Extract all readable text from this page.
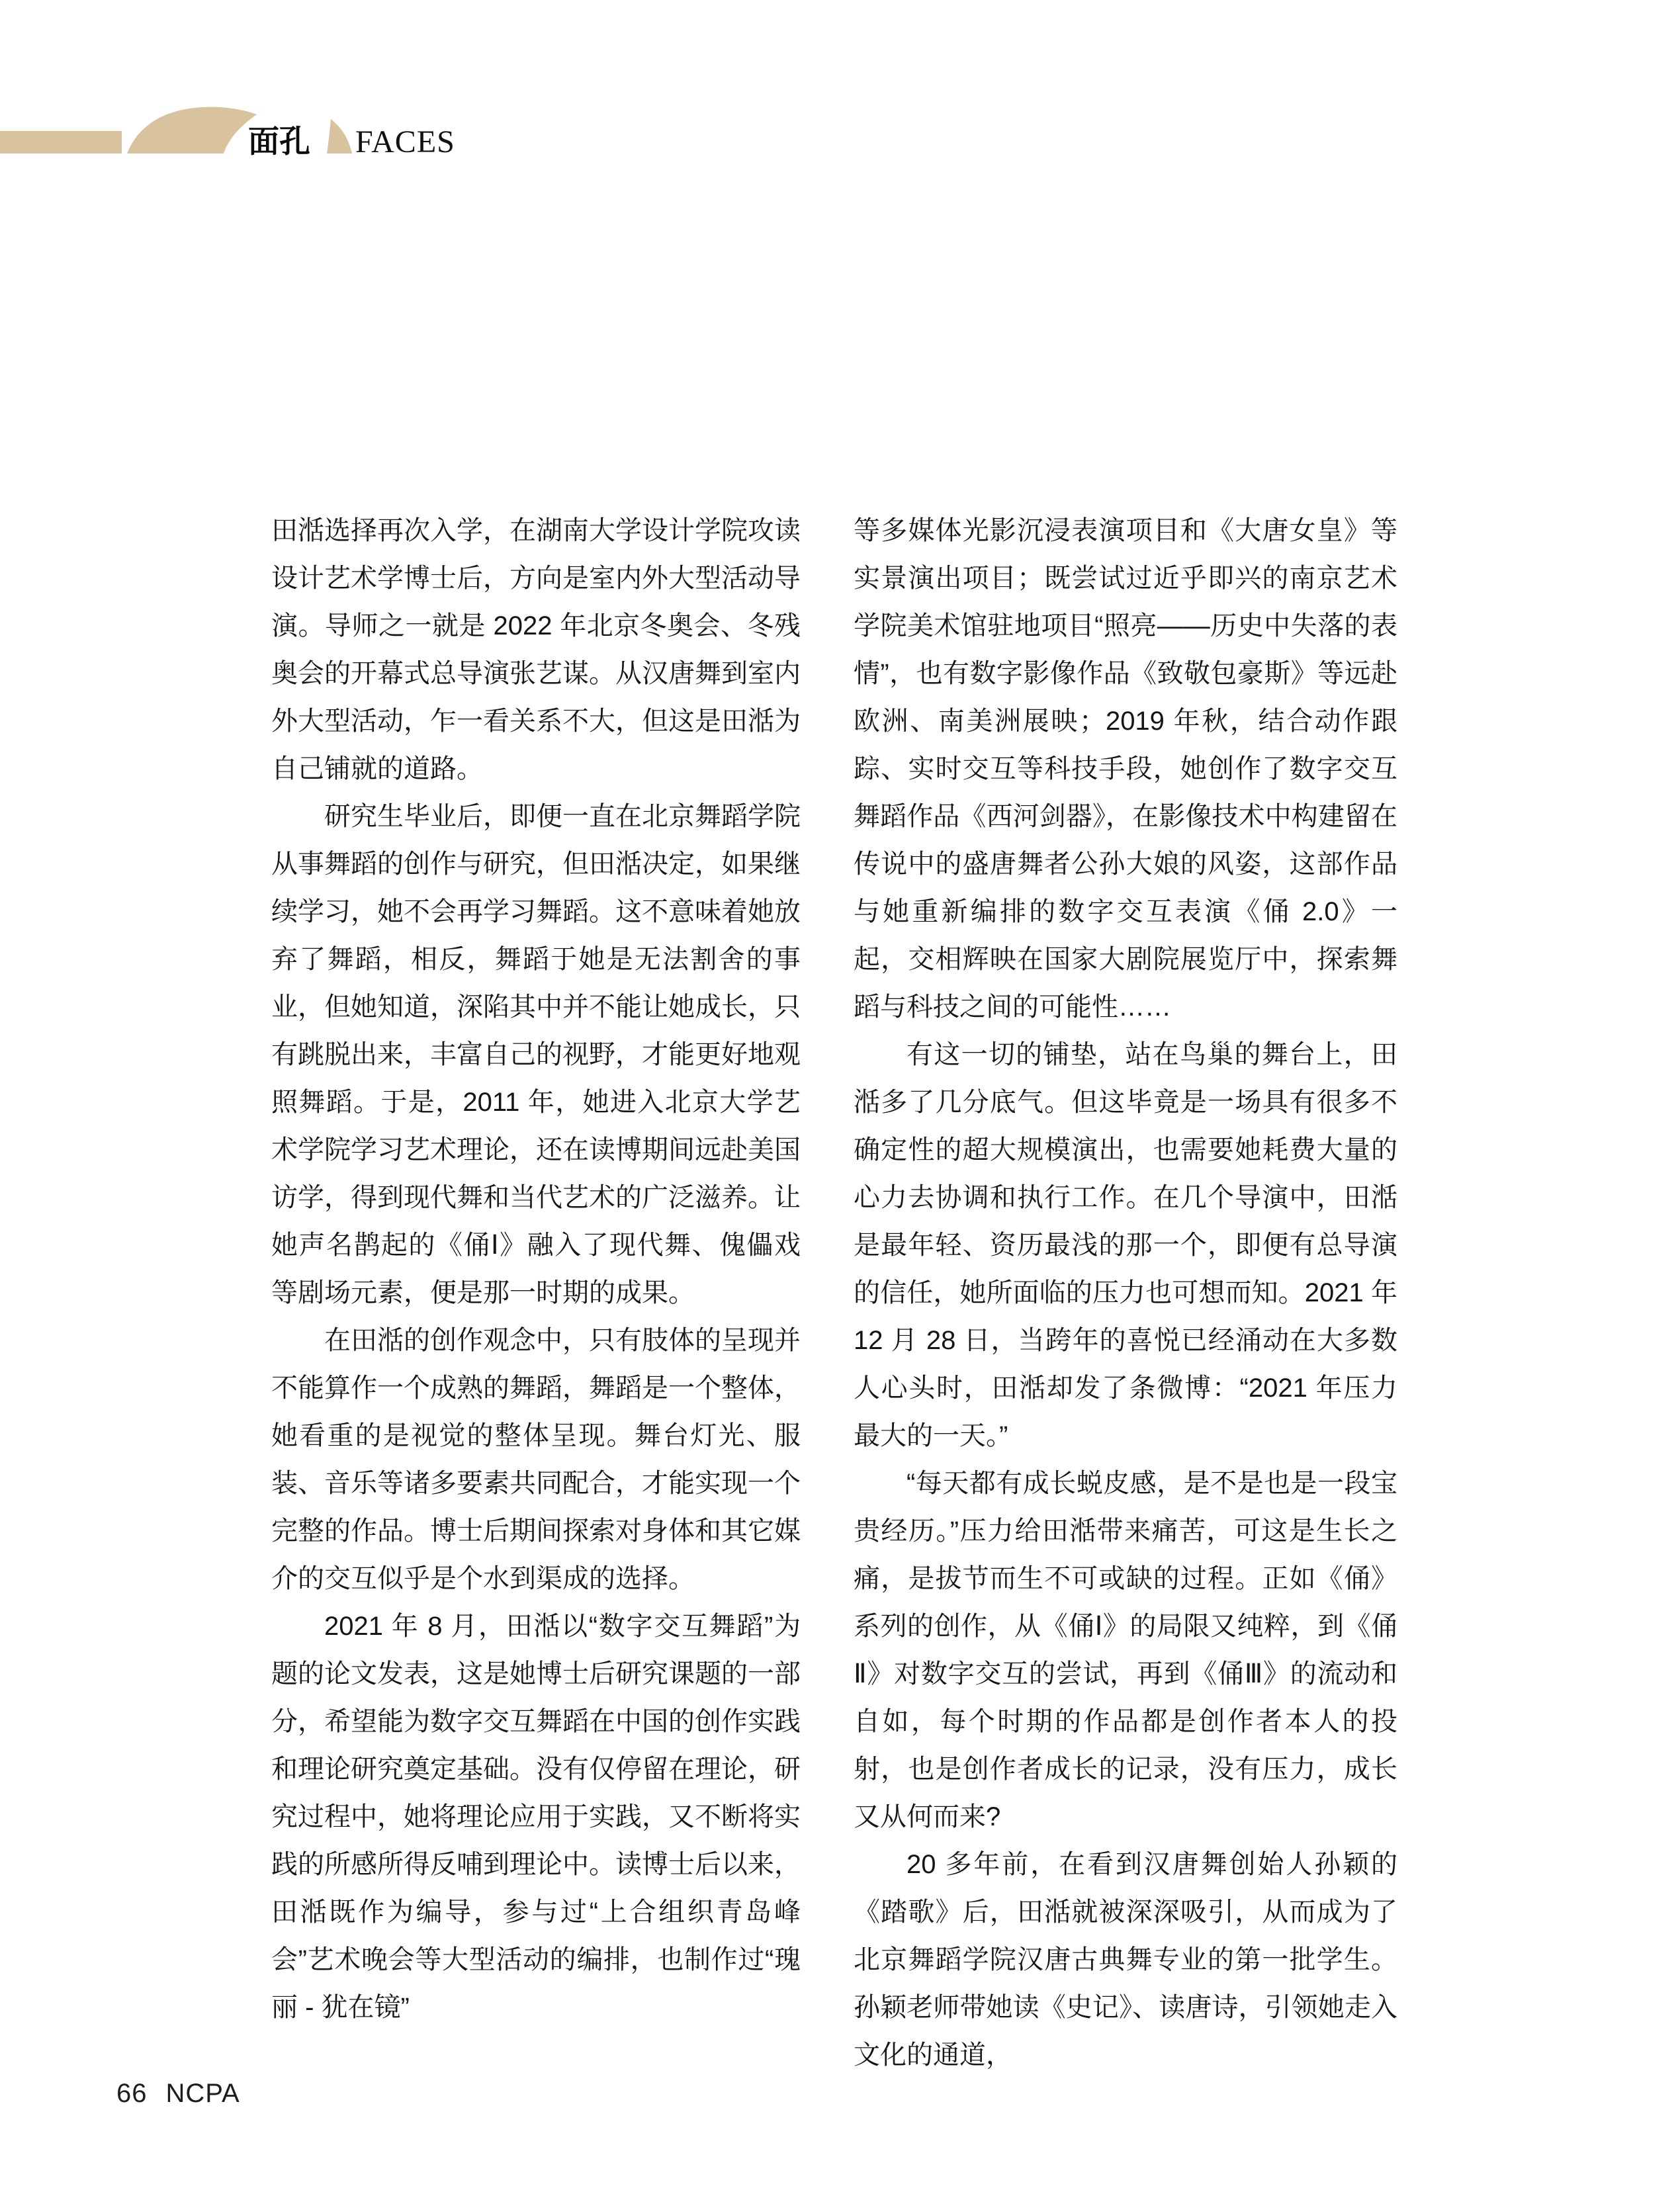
面孔 FACES

田湉选择再次入学，在湖南大学设计学院攻读设计艺术学博士后，方向是室内外大型活动导演。导师之一就是 2022 年北京冬奥会、冬残奥会的开幕式总导演张艺谋。从汉唐舞到室内外大型活动，乍一看关系不大，但这是田湉为自己铺就的道路。

研究生毕业后，即便一直在北京舞蹈学院从事舞蹈的创作与研究，但田湉决定，如果继续学习，她不会再学习舞蹈。这不意味着她放弃了舞蹈，相反，舞蹈于她是无法割舍的事业，但她知道，深陷其中并不能让她成长，只有跳脱出来，丰富自己的视野，才能更好地观照舞蹈。于是，2011 年，她进入北京大学艺术学院学习艺术理论，还在读博期间远赴美国访学，得到现代舞和当代艺术的广泛滋养。让她声名鹊起的《俑Ⅰ》融入了现代舞、傀儡戏等剧场元素，便是那一时期的成果。

在田湉的创作观念中，只有肢体的呈现并不能算作一个成熟的舞蹈，舞蹈是一个整体，她看重的是视觉的整体呈现。舞台灯光、服装、音乐等诸多要素共同配合，才能实现一个完整的作品。博士后期间探索对身体和其它媒介的交互似乎是个水到渠成的选择。

2021 年 8 月，田湉以“数字交互舞蹈”为题的论文发表，这是她博士后研究课题的一部分，希望能为数字交互舞蹈在中国的创作实践和理论研究奠定基础。没有仅停留在理论，研究过程中，她将理论应用于实践，又不断将实践的所感所得反哺到理论中。读博士后以来，田湉既作为编导，参与过“上合组织青岛峰会”艺术晚会等大型活动的编排，也制作过“瑰丽 - 犹在镜”

等多媒体光影沉浸表演项目和《大唐女皇》等实景演出项目；既尝试过近乎即兴的南京艺术学院美术馆驻地项目“照亮——历史中失落的表情”，也有数字影像作品《致敬包豪斯》等远赴欧洲、南美洲展映；2019 年秋，结合动作跟踪、实时交互等科技手段，她创作了数字交互舞蹈作品《西河剑器》，在影像技术中构建留在传说中的盛唐舞者公孙大娘的风姿，这部作品与她重新编排的数字交互表演《俑 2.0》一起，交相辉映在国家大剧院展览厅中，探索舞蹈与科技之间的可能性……

有这一切的铺垫，站在鸟巢的舞台上，田湉多了几分底气。但这毕竟是一场具有很多不确定性的超大规模演出，也需要她耗费大量的心力去协调和执行工作。在几个导演中，田湉是最年轻、资历最浅的那一个，即便有总导演的信任，她所面临的压力也可想而知。2021 年 12 月 28 日，当跨年的喜悦已经涌动在大多数人心头时，田湉却发了条微博：“2021 年压力最大的一天。”

“每天都有成长蜕皮感，是不是也是一段宝贵经历。”压力给田湉带来痛苦，可这是生长之痛，是拔节而生不可或缺的过程。正如《俑》系列的创作，从《俑Ⅰ》的局限又纯粹，到《俑Ⅱ》对数字交互的尝试，再到《俑Ⅲ》的流动和自如，每个时期的作品都是创作者本人的投射，也是创作者成长的记录，没有压力，成长又从何而来?

20 多年前，在看到汉唐舞创始人孙颖的《踏歌》后，田湉就被深深吸引，从而成为了北京舞蹈学院汉唐古典舞专业的第一批学生。孙颖老师带她读《史记》、读唐诗，引领她走入文化的通道，

66 NCPA
